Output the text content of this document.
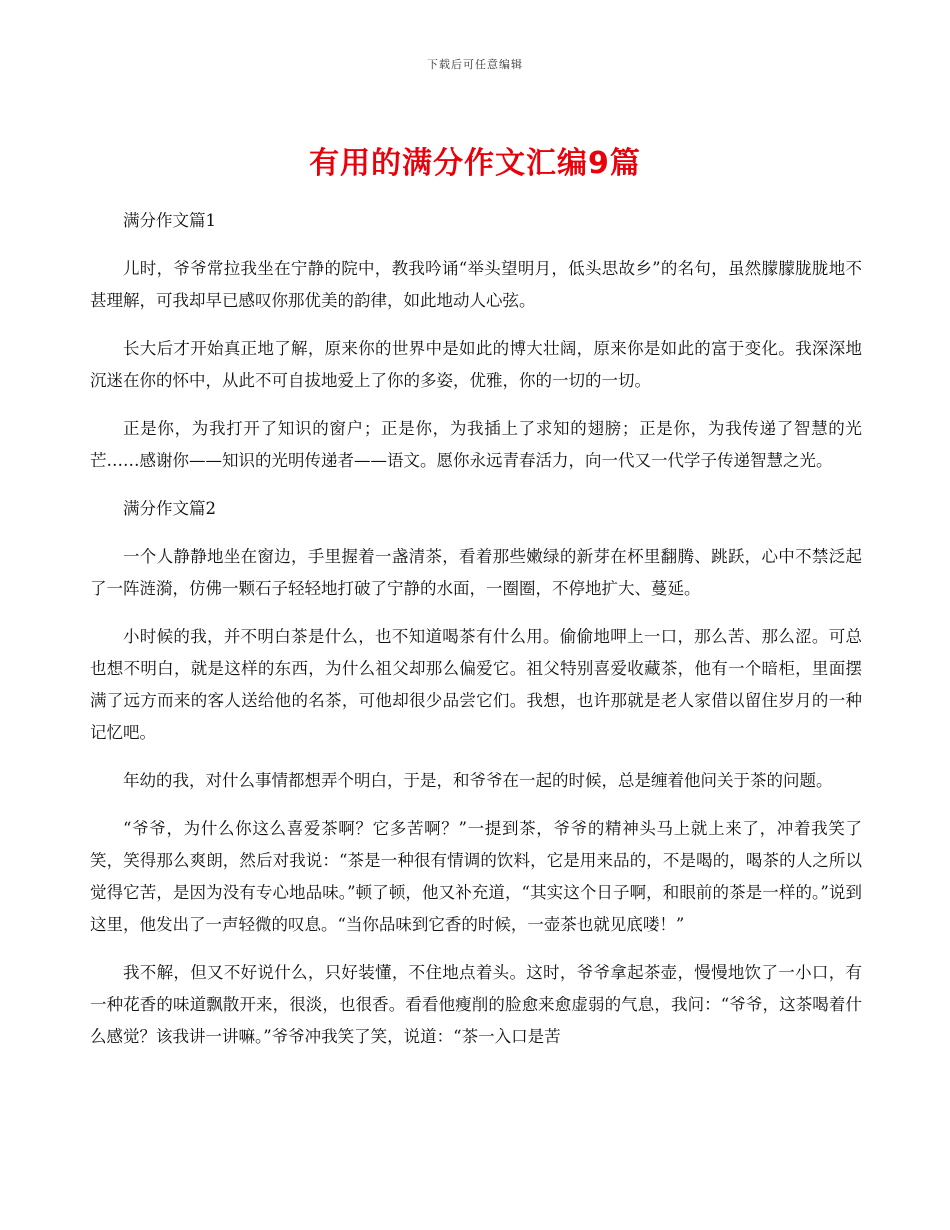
下载后可任意编辑
有用的满分作文汇编9篇

满分作文篇1

儿时，爷爷常拉我坐在宁静的院中，教我吟诵“举头望明月，低头思故乡”的名句，虽然朦朦胧胧地不甚理解，可我却早已感叹你那优美的韵律，如此地动人心弦。

长大后才开始真正地了解，原来你的世界中是如此的博大壮阔，原来你是如此的富于变化。我深深地沉迷在你的怀中，从此不可自拔地爱上了你的多姿，优雅，你的一切的一切。

正是你，为我打开了知识的窗户；正是你，为我插上了求知的翅膀；正是你，为我传递了智慧的光芒……感谢你——知识的光明传递者——语文。愿你永远青春活力，向一代又一代学子传递智慧之光。

满分作文篇2

一个人静静地坐在窗边，手里握着一盏清茶，看着那些嫩绿的新芽在杯里翻腾、跳跃，心中不禁泛起了一阵涟漪，仿佛一颗石子轻轻地打破了宁静的水面，一圈圈，不停地扩大、蔓延。

小时候的我，并不明白茶是什么，也不知道喝茶有什么用。偷偷地呷上一口，那么苦、那么涩。可总也想不明白，就是这样的东西，为什么祖父却那么偏爱它。祖父特别喜爱收藏茶，他有一个暗柜，里面摆满了远方而来的客人送给他的名茶，可他却很少品尝它们。我想，也许那就是老人家借以留住岁月的一种记忆吧。

年幼的我，对什么事情都想弄个明白，于是，和爷爷在一起的时候，总是缠着他问关于茶的问题。

“爷爷，为什么你这么喜爱茶啊？它多苦啊？”一提到茶，爷爷的精神头马上就上来了，冲着我笑了笑，笑得那么爽朗，然后对我说：“茶是一种很有情调的饮料，它是用来品的，不是喝的，喝茶的人之所以觉得它苦，是因为没有专心地品味。”顿了顿，他又补充道，“其实这个日子啊，和眼前的茶是一样的。”说到这里，他发出了一声轻微的叹息。“当你品味到它香的时候，一壶茶也就见底喽！”

我不解，但又不好说什么，只好装懂，不住地点着头。这时，爷爷拿起茶壶，慢慢地饮了一小口，有一种花香的味道飘散开来，很淡，也很香。看看他瘦削的脸愈来愈虚弱的气息，我问：“爷爷，这茶喝着什么感觉？该我讲一讲嘛。”爷爷冲我笑了笑，说道：“茶一入口是苦
